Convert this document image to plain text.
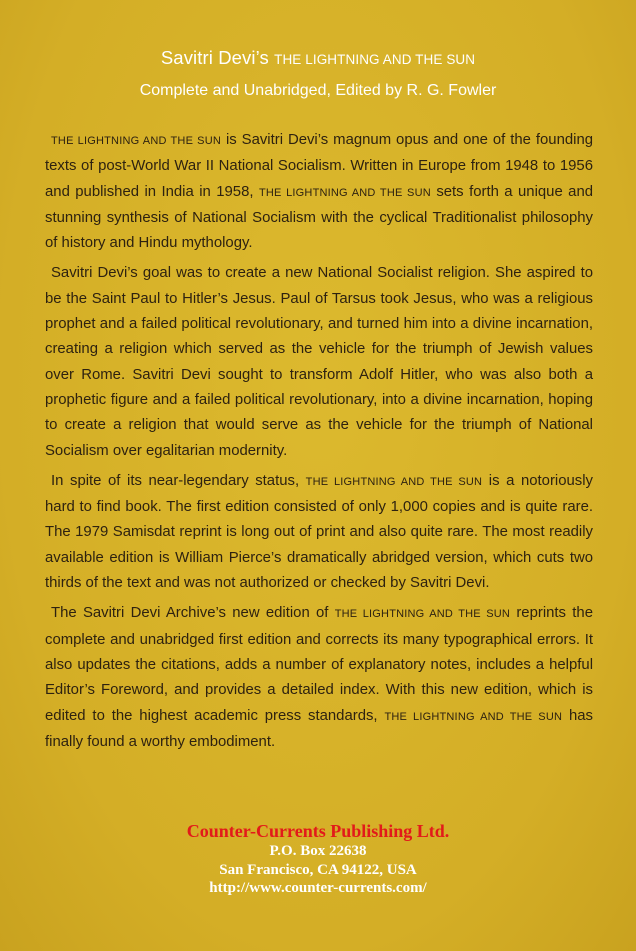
Savitri Devi’s THE LIGHTNING AND THE SUN
Complete and Unabridged, Edited by R. G. Fowler

THE LIGHTNING AND THE SUN is Savitri Devi’s magnum opus and one of the founding texts of post-World War II National Socialism. Written in Europe from 1948 to 1956 and published in India in 1958, THE LIGHTNING AND THE SUN sets forth a unique and stunning synthesis of National Socialism with the cyclical Traditionalist philosophy of history and Hindu mythology.

Savitri Devi’s goal was to create a new National Socialist religion. She aspired to be the Saint Paul to Hitler’s Jesus. Paul of Tarsus took Jesus, who was a religious prophet and a failed political revolutionary, and turned him into a divine incarnation, creating a religion which served as the vehicle for the triumph of Jewish values over Rome. Savitri Devi sought to transform Adolf Hitler, who was also both a prophetic figure and a failed political revolutionary, into a divine incarnation, hoping to create a religion that would serve as the vehicle for the triumph of National Socialism over egalitarian modernity.

In spite of its near-legendary status, THE LIGHTNING AND THE SUN is a notoriously hard to find book. The first edition consisted of only 1,000 copies and is quite rare. The 1979 Samisdat reprint is long out of print and also quite rare. The most readily available edition is William Pierce’s dramatically abridged version, which cuts two thirds of the text and was not authorized or checked by Savitri Devi.

The Savitri Devi Archive’s new edition of THE LIGHTNING AND THE SUN reprints the complete and unabridged first edition and corrects its many typographical errors. It also updates the citations, adds a number of explanatory notes, includes a helpful Editor’s Foreword, and provides a detailed index. With this new edition, which is edited to the highest academic press standards, THE LIGHTNING AND THE SUN has finally found a worthy embodiment.

Counter-Currents Publishing Ltd.
P.O. Box 22638
San Francisco, CA 94122, USA
http://www.counter-currents.com/
